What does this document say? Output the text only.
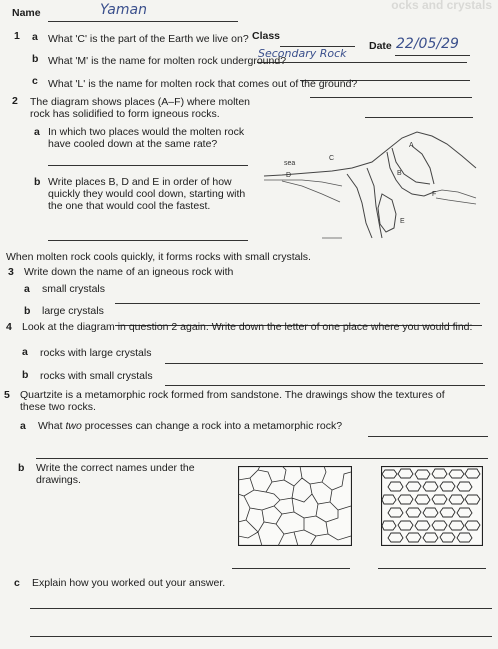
ocks and crystals
Name	Yaman
Class
Date 22/05/29
1 a What 'C' is the part of the Earth we live on?
Secondary Rock
b What 'M' is the name for molten rock underground?
c What 'L' is the name for molten rock that comes out of the ground?
2 The diagram shows places (A–F) where molten
rock has solidified to form igneous rocks.
a In which two places would the molten rock
have cooled down at the same rate?
b Write places B, D and E in order of how
quickly they would cool down, starting with
the one that would cool the fastest.
sea
D
C
A
B
F
E
When molten rock cools quickly, it forms rocks with small crystals.
3 Write down the name of an igneous rock with
a small crystals
b large crystals
4 Look at the diagram in question 2 again. Write down the letter of one place where you would find:
a rocks with large crystals
b rocks with small crystals
5 Quartzite is a metamorphic rock formed from sandstone. The drawings show the textures of
these two rocks.
a What two processes can change a rock into a metamorphic rock?
b Write the correct names under the
drawings.
c Explain how you worked out your answer.
